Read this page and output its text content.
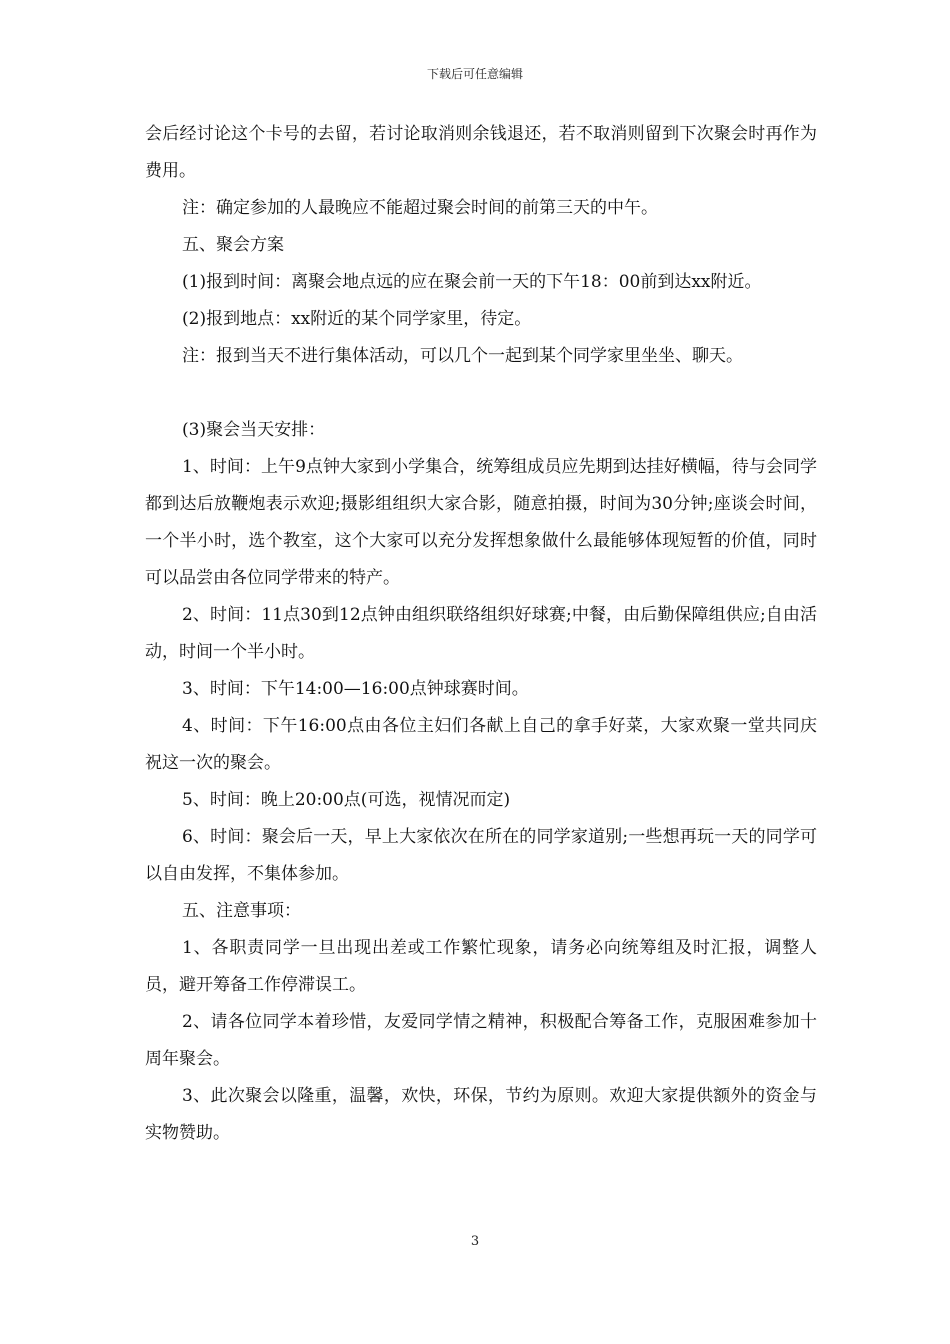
下载后可任意编辑

会后经讨论这个卡号的去留，若讨论取消则余钱退还，若不取消则留到下次聚会时再作为费用。

注：确定参加的人最晚应不能超过聚会时间的前第三天的中午。

五、聚会方案

(1)报到时间：离聚会地点远的应在聚会前一天的下午18：00前到达xx附近。

(2)报到地点：xx附近的某个同学家里，待定。

注：报到当天不进行集体活动，可以几个一起到某个同学家里坐坐、聊天。

(3)聚会当天安排：

1、时间：上午9点钟大家到小学集合，统筹组成员应先期到达挂好横幅，待与会同学都到达后放鞭炮表示欢迎;摄影组组织大家合影，随意拍摄，时间为30分钟;座谈会时间，一个半小时，选个教室，这个大家可以充分发挥想象做什么最能够体现短暂的价值，同时可以品尝由各位同学带来的特产。

2、时间：11点30到12点钟由组织联络组织好球赛;中餐，由后勤保障组供应;自由活动，时间一个半小时。

3、时间：下午14:00—16:00点钟球赛时间。

4、时间：下午16:00点由各位主妇们各献上自己的拿手好菜，大家欢聚一堂共同庆祝这一次的聚会。

5、时间：晚上20:00点(可选，视情况而定)

6、时间：聚会后一天，早上大家依次在所在的同学家道别;一些想再玩一天的同学可以自由发挥，不集体参加。

五、注意事项：

1、各职责同学一旦出现出差或工作繁忙现象，请务必向统筹组及时汇报，调整人员，避开筹备工作停滞误工。

2、请各位同学本着珍惜，友爱同学情之精神，积极配合筹备工作，克服困难参加十周年聚会。

3、此次聚会以隆重，温馨，欢快，环保，节约为原则。欢迎大家提供额外的资金与实物赞助。

3
